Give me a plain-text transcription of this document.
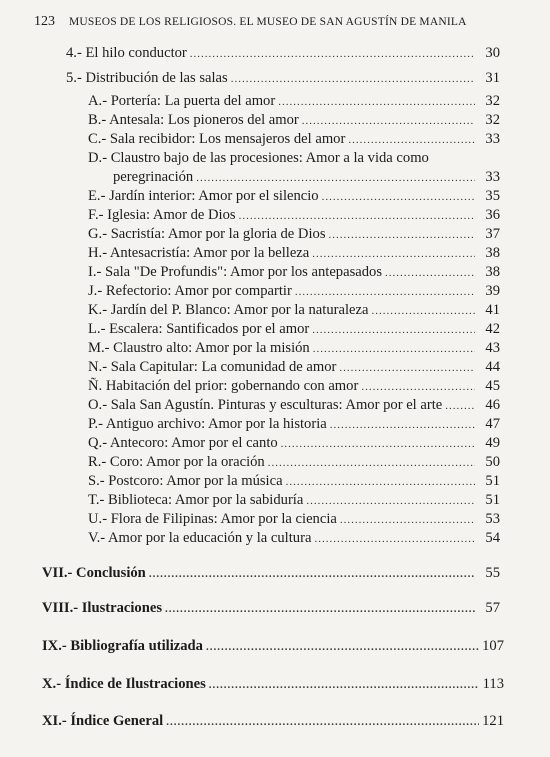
123 MUSEOS DE LOS RELIGIOSOS. EL MUSEO DE SAN AGUSTÍN DE MANILA
4.- El hilo conductor .....	30
5.- Distribución de las salas .....	31
A.- Portería: La puerta del amor .....	32
B.- Antesala: Los pioneros del amor .....	32
C.- Sala recibidor: Los mensajeros del amor .....	33
D.- Claustro bajo de las procesiones: Amor a la vida como
peregrinación .....	33
E.- Jardín interior: Amor por el silencio .....	35
F.- Iglesia: Amor de Dios .....	36
G.- Sacristía: Amor por la gloria de Dios .....	37
H.- Antesacristía: Amor por la belleza .....	38
I.- Sala "De Profundis": Amor por los antepasados .....	38
J.- Refectorio: Amor por compartir .....	39
K.- Jardín del P. Blanco: Amor por la naturaleza .....	41
L.- Escalera: Santificados por el amor .....	42
M.- Claustro alto: Amor por la misión .....	43
N.- Sala Capitular: La comunidad de amor .....	44
Ñ. Habitación del prior: gobernando con amor .....	45
O.- Sala San Agustín. Pinturas y esculturas: Amor por el arte .....	46
P.- Antiguo archivo: Amor por la historia .....	47
Q.- Antecoro: Amor por el canto .....	49
R.- Coro: Amor por la oración .....	50
S.- Postcoro: Amor por la música .....	51
T.- Biblioteca: Amor por la sabiduría .....	51
U.- Flora de Filipinas: Amor por la ciencia .....	53
V.- Amor por la educación y la cultura .....	54
VII.- Conclusión .....	55
VIII.- Ilustraciones .....	57
IX.- Bibliografía utilizada .....	107
X.- Índice de Ilustraciones .....	113
XI.- Índice General .....	121
